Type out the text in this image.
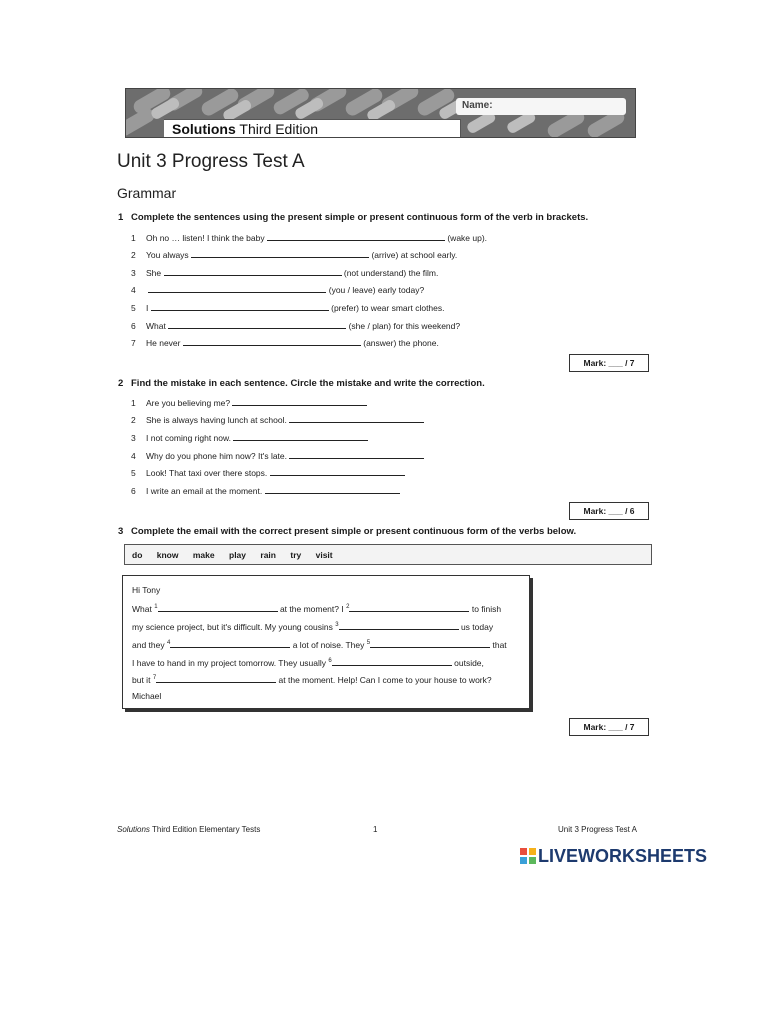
Solutions Third Edition
Name:
Unit 3 Progress Test A
Grammar
1 Complete the sentences using the present simple or present continuous form of the verb in brackets.
1 Oh no … listen! I think the baby	(wake up).
2 You always	(arrive) at school early.
3 She	(not understand) the film.
4	(you / leave) early today?
5 I	(prefer) to wear smart clothes.
6 What	(she / plan) for this weekend?
7 He never	(answer) the phone.
Mark: ___ / 7
2 Find the mistake in each sentence. Circle the mistake and write the correction.
1 Are you believing me?
2 She is always having lunch at school.
3 I not coming right now.
4 Why do you phone him now? It's late.
5 Look! That taxi over there stops.
6 I write an email at the moment.
Mark: ___ / 6
3 Complete the email with the correct present simple or present continuous form of the verbs below.
do know make play rain try visit
Hi Tony
What $^1$	at the moment? I $^2$	to finish
my science project, but it's difficult. My young cousins $^3$	us today
and they $^4$	a lot of noise. They $^5$	that
I have to hand in my project tomorrow. They usually $^6$	outside,
but it $^7$	at the moment. Help! Can I come to your house to work?
Michael
Mark: ___ / 7
Solutions Third Edition Elementary Tests	1	Unit 3 Progress Test A
LIVEWORKSHEETS
